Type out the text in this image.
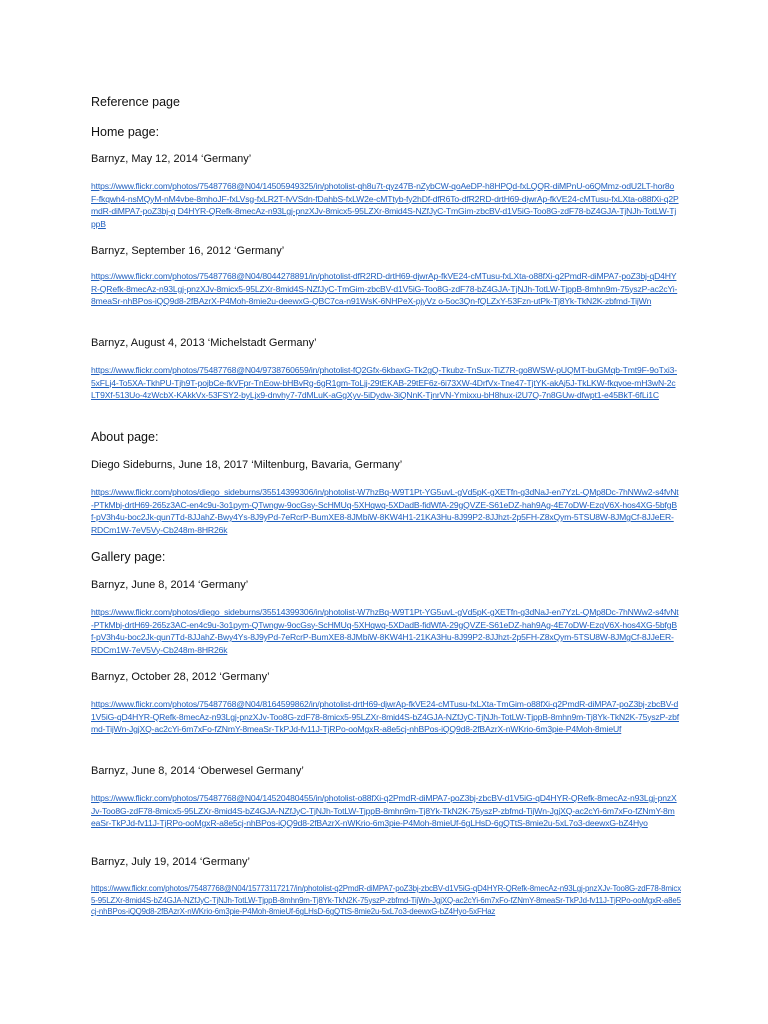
Reference page

Home page:

Barnyz, May 12, 2014 ‘Germany’

https://www.flickr.com/photos/75487768@N04/14505949325/in/photolist-qh8u7t-qyz47B-nZybCW-qoAeDP-h8HPQd-fxLQQR-diMPnU-o6QMmz-odU2LT-hor8oF-fkqwh4-nsMQyM-nM4vbe-8mhoJF-fxLVsg-fxLR2T-fvVSdn-fDahbS-fxLW2e-cMTtyb-fy2hDf-dfR6To-dfR2RD-drtH69-djwrAp-fkVE24-cMTusu-fxLXta-o88fXi-q2PmdR-diMPA7-poZ3bj-q D4HYR-QRefk-8mecAz-n93Lgj-pnzXJv-8micx5-95LZXr-8mid4S-NZfJyC-TmGim-zbcBV-d1V5iG-Too8G-zdF78-bZ4GJA-TjNJh-TotLW-TjppB

Barnyz, September 16, 2012 ‘Germany’

https://www.flickr.com/photos/75487768@N04/8044278891/in/photolist-dfR2RD-drtH69-djwrAp-fkVE24-cMTusu-fxLXta-o88fXi-q2PmdR-diMPA7-poZ3bj-qD4HYR-QRefk-8mecAz-n93Lgj-pnzXJv-8micx5-95LZXr-8mid4S-NZfJyC-TmGim-zbcBV-d1V5iG-Too8G-zdF78-bZ4GJA-TjNJh-TotLW-TjppB-8mhn9m-75yszP-ac2cYi-8meaSr-nhBPos-iQQ9d8-2fBAzrX-P4Moh-8mie2u-deewxG-QBC7ca-n91WsK-6NHPeX-pjyVz o-5oc3Qn-fQLZxY-53Fzn-utPk-Tj8Yk-TkN2K-zbfmd-TijWn

Barnyz, August 4, 2013 ‘Michelstadt Germany’

https://www.flickr.com/photos/75487768@N04/9738760659/in/photolist-fQ2Gfx-6kbaxG-Tk2gQ-Tkubz-TnSux-TiZ7R-go8WSW-pUQMT-buGMqb-Tmt9F-9oTxi3-5xFLj4-To5XA-TkhPU-Tjh9T-pojbCe-fkVFpr-TnEow-bHBvRg-6gR1gm-ToLjj-29tEKAB-29tEF6z-6i73XW-4DrfVx-Tne47-TjtYK-akAj5J-TkLKW-fkqvoe-mH3wN-2cLT9Xf-513Uo-4zWcbX-KAkkVx-53FSY2-byLjx9-dnvhy7-7dMLuK-aGgXyv-5iDydw-3iQNnK-TjnrVN-Ymixxu-bH8hux-i2U7Q-7n8GUw-dfwpt1-e45BkT-6fLi1C

About page:

Diego Sideburns, June 18, 2017 ‘Miltenburg, Bavaria, Germany’

https://www.flickr.com/photos/diego_sideburns/35514399306/in/photolist-W7hzBq-W9T1Pt-YG5uvL-gVd5pK-gXETfn-g3dNaJ-en7YzL-QMp8Dc-7hNWw2-s4fvNt-PTkMbj-drtH69-265z3AC-en4c9u-3o1pym-QTwngw-9ocGsy-ScHMUq-5XHqwq-5XDadB-fidWfA-29gQVZE-S61eDZ-hah9Ag-4E7oDW-EzqV6X-hos4XG-5bfgBf-pV3h4u-boc2Jk-qun7Td-8JJahZ-Bwy4Ys-8J9yPd-7eRcrP-BumXE8-8JMbiW-8KW4H1-21KA3Hu-8J99P2-8JJhzt-2p5FH-Z8xQym-5TSU8W-8JMgCf-8JJeER-RDCm1W-7eV5Vy-Cb248m-8HR26k

Gallery page:

Barnyz, June 8, 2014 ‘Germany’

https://www.flickr.com/photos/diego_sideburns/35514399306/in/photolist-W7hzBq-W9T1Pt-YG5uvL-gVd5pK-gXETfn-g3dNaJ-en7YzL-QMp8Dc-7hNWw2-s4fvNt-PTkMbj-drtH69-265z3AC-en4c9u-3o1pym-QTwngw-9ocGsy-ScHMUq-5XHqwq-5XDadB-fidWfA-29gQVZE-S61eDZ-hah9Ag-4E7oDW-EzqV6X-hos4XG-5bfgBf-pV3h4u-boc2Jk-qun7Td-8JJahZ-Bwy4Ys-8J9yPd-7eRcrP-BumXE8-8JMbiW-8KW4H1-21KA3Hu-8J99P2-8JJhzt-2p5FH-Z8xQym-5TSU8W-8JMgCf-8JJeER-RDCm1W-7eV5Vy-Cb248m-8HR26k

Barnyz, October 28, 2012 ‘Germany’

https://www.flickr.com/photos/75487768@N04/8164599862/in/photolist-drtH69-djwrAp-fkVE24-cMTusu-fxLXta-TmGim-o88fXi-q2PmdR-diMPA7-poZ3bj-zbcBV-d1V5iG-qD4HYR-QRefk-8mecAz-n93Lgj-pnzXJv-Too8G-zdF78-8micx5-95LZXr-8mid4S-bZ4GJA-NZfJyC-TjNJh-TotLW-TjppB-8mhn9m-Tj8Yk-TkN2K-75yszP-zbfmd-TijWn-JgjXQ-ac2cYi-6m7xFo-fZNmY-8meaSr-TkPJd-fv11J-TjRPo-ooMgxR-a8e5cj-nhBPos-iQQ9d8-2fBAzrX-nWKrio-6m3pie-P4Moh-8mieUf

Barnyz, June 8, 2014 ‘Oberwesel Germany’

https://www.flickr.com/photos/75487768@N04/14520480455/in/photolist-o88fXi-q2PmdR-diMPA7-poZ3bj-zbcBV-d1V5iG-qD4HYR-QRefk-8mecAz-n93Lgj-pnzXJv-Too8G-zdF78-8micx5-95LZXr-8mid4S-bZ4GJA-NZfJyC-TjNJh-TotLW-TjppB-8mhn9m-Tj8Yk-TkN2K-75yszP-zbfmd-TijWn-JgjXQ-ac2cYi-6m7xFo-fZNmY-8meaSr-TkPJd-fv11J-TjRPo-ooMgxR-a8e5cj-nhBPos-iQQ9d8-2fBAzrX-nWKrio-6m3pie-P4Moh-8mieUf-6gLHsD-6gQTtS-8mie2u-5xL7o3-deewxG-bZ4Hyo

Barnyz, July 19, 2014 ‘Germany’

https://www.flickr.com/photos/75487768@N04/15773117217/in/photolist-q2PmdR-diMPA7-poZ3bj-zbcBV-d1V5iG-qD4HYR-QRefk-8mecAz-n93Lgj-pnzXJv-Too8G-zdF78-8micx5-95LZXr-8mid4S-bZ4GJA-NZfJyC-TjNJh-TotLW-TjppB-8mhn9m-Tj8Yk-TkN2K-75yszP-zbfmd-TijWn-JgjXQ-ac2cYi-6m7xFo-fZNmY-8meaSr-TkPJd-fv11J-TjRPo-ooMgxR-a8e5cj-nhBPos-iQQ9d8-2fBAzrX-nWKrio-6m3pie-P4Moh-8mieUf-6gLHsD-6gQTtS-8mie2u-5xL7o3-deewxG-bZ4Hyo-5xFHaz
